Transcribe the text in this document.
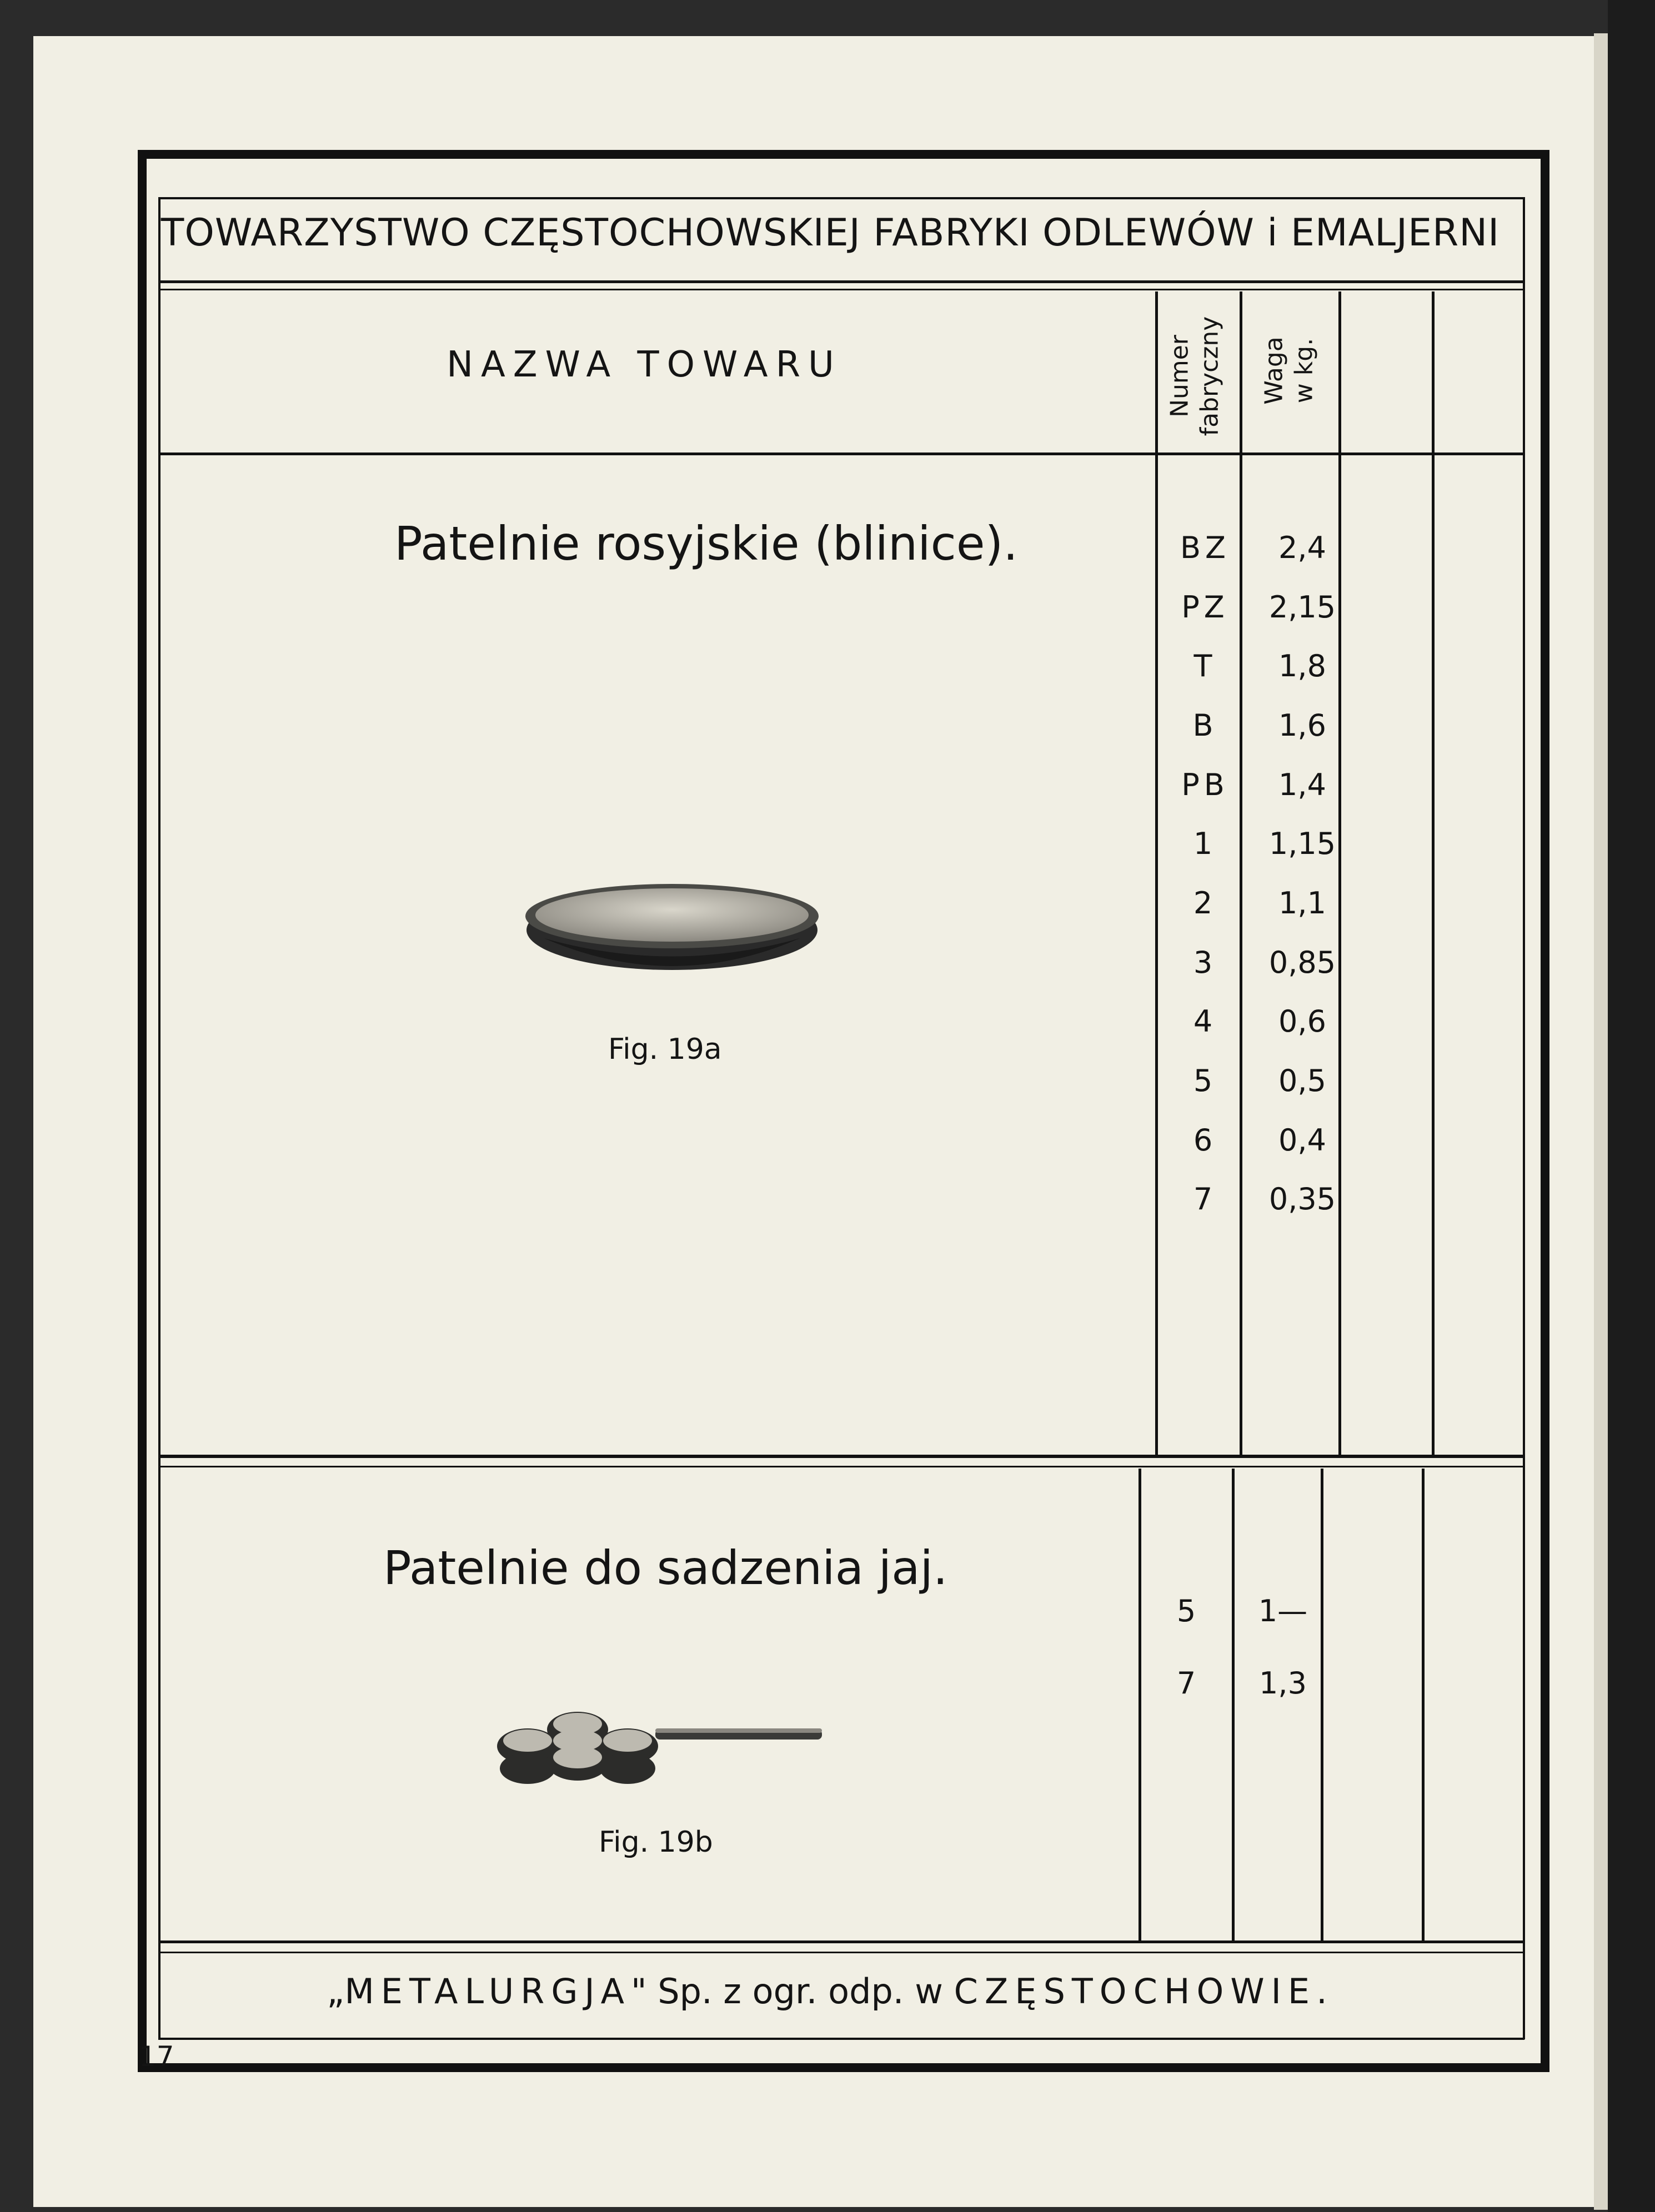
TOWARZYSTWO CZĘSTOCHOWSKIEJ FABRYKI ODLEWÓW i EMALJERNI
NAZWA TOWARU	Numer fabryczny Waga w kg.
Patelnie rosyjskie (blinice).
Fig. 19a
BZ	2,4
PZ	2,15
T	1,8
B	1,6
PB	1,4
1	1,15
2	1,1
3	0,85
4	0,6
5	0,5
6	0,4
7	0,35
Patelnie do sadzenia jaj.
Fig. 19b
5	1—
7	1,3
„METALURGJA" Sp. z ogr. odp. w CZĘSTOCHOWIE.
17
